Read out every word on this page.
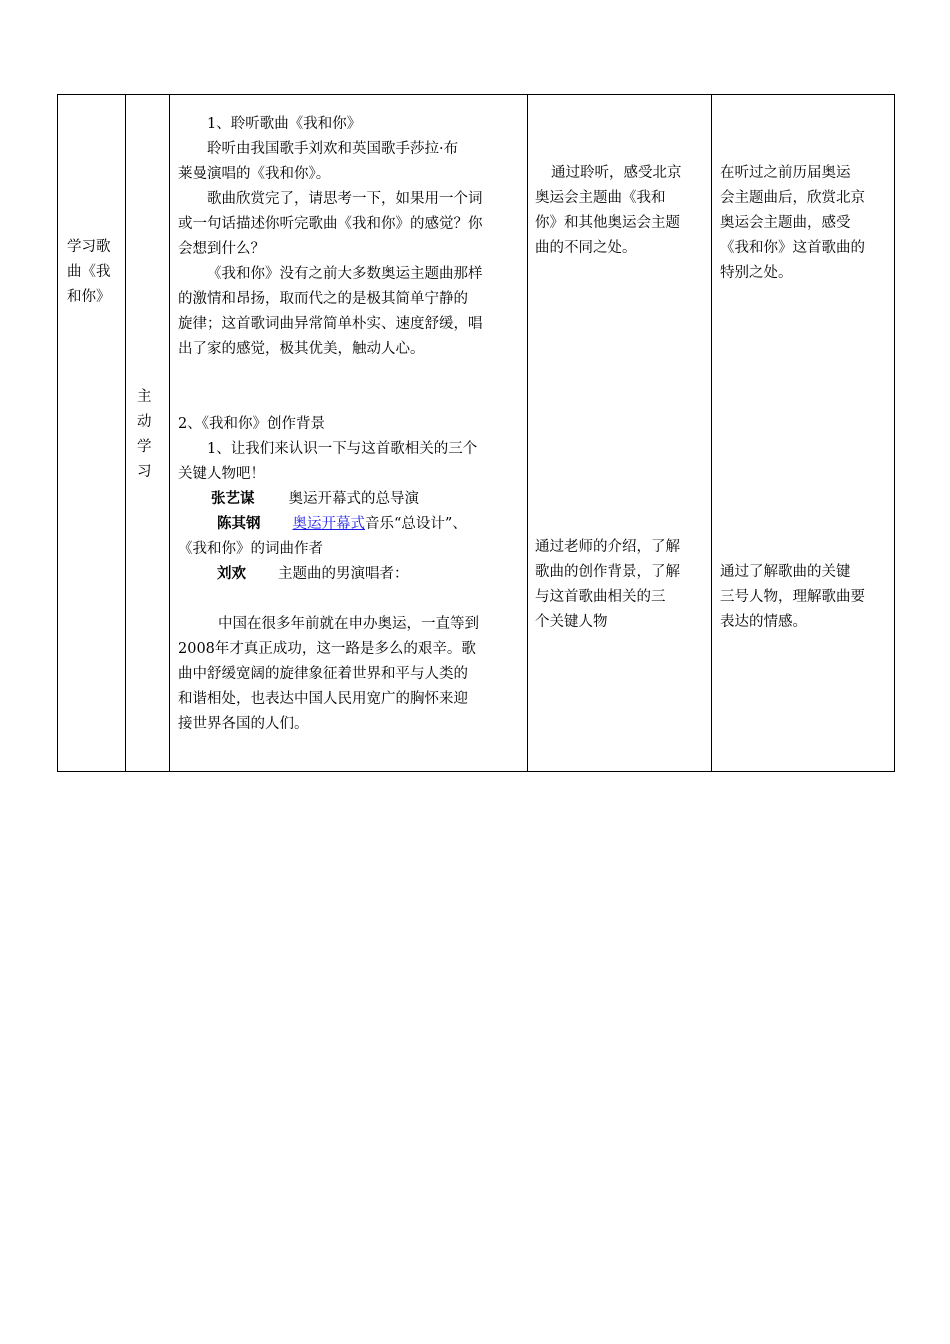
学习歌

曲《我

和你》

主

动

学

习

1、聆听歌曲《我和你》

聆听由我国歌手刘欢和英国歌手莎拉·布

莱曼演唱的《我和你》。

歌曲欣赏完了，请思考一下，如果用一个词

或一句话描述你听完歌曲《我和你》的感觉？你

会想到什么？

《我和你》没有之前大多数奥运主题曲那样

的激情和昂扬，取而代之的是极其简单宁静的

旋律；这首歌词曲异常简单朴实、速度舒缓，唱

出了家的感觉，极其优美，触动人心。

2、《我和你》创作背景

1、让我们来认识一下与这首歌相关的三个

关键人物吧！

张艺谋 奥运开幕式的总导演

陈其钢 奥运开幕式音乐“总设计”、

《我和你》的词曲作者

刘欢 主题曲的男演唱者：

中国在很多年前就在申办奥运，一直等到

2008年才真正成功，这一路是多么的艰辛。歌

曲中舒缓宽阔的旋律象征着世界和平与人类的

和谐相处，也表达中国人民用宽广的胸怀来迎

接世界各国的人们。

通过聆听，感受北京

奥运会主题曲《我和

你》和其他奥运会主题

曲的不同之处。

通过老师的介绍，了解

歌曲的创作背景，了解

与这首歌曲相关的三

个关键人物

在听过之前历届奥运

会主题曲后，欣赏北京

奥运会主题曲，感受

《我和你》这首歌曲的

特别之处。

通过了解歌曲的关键

三号人物，理解歌曲要

表达的情感。
